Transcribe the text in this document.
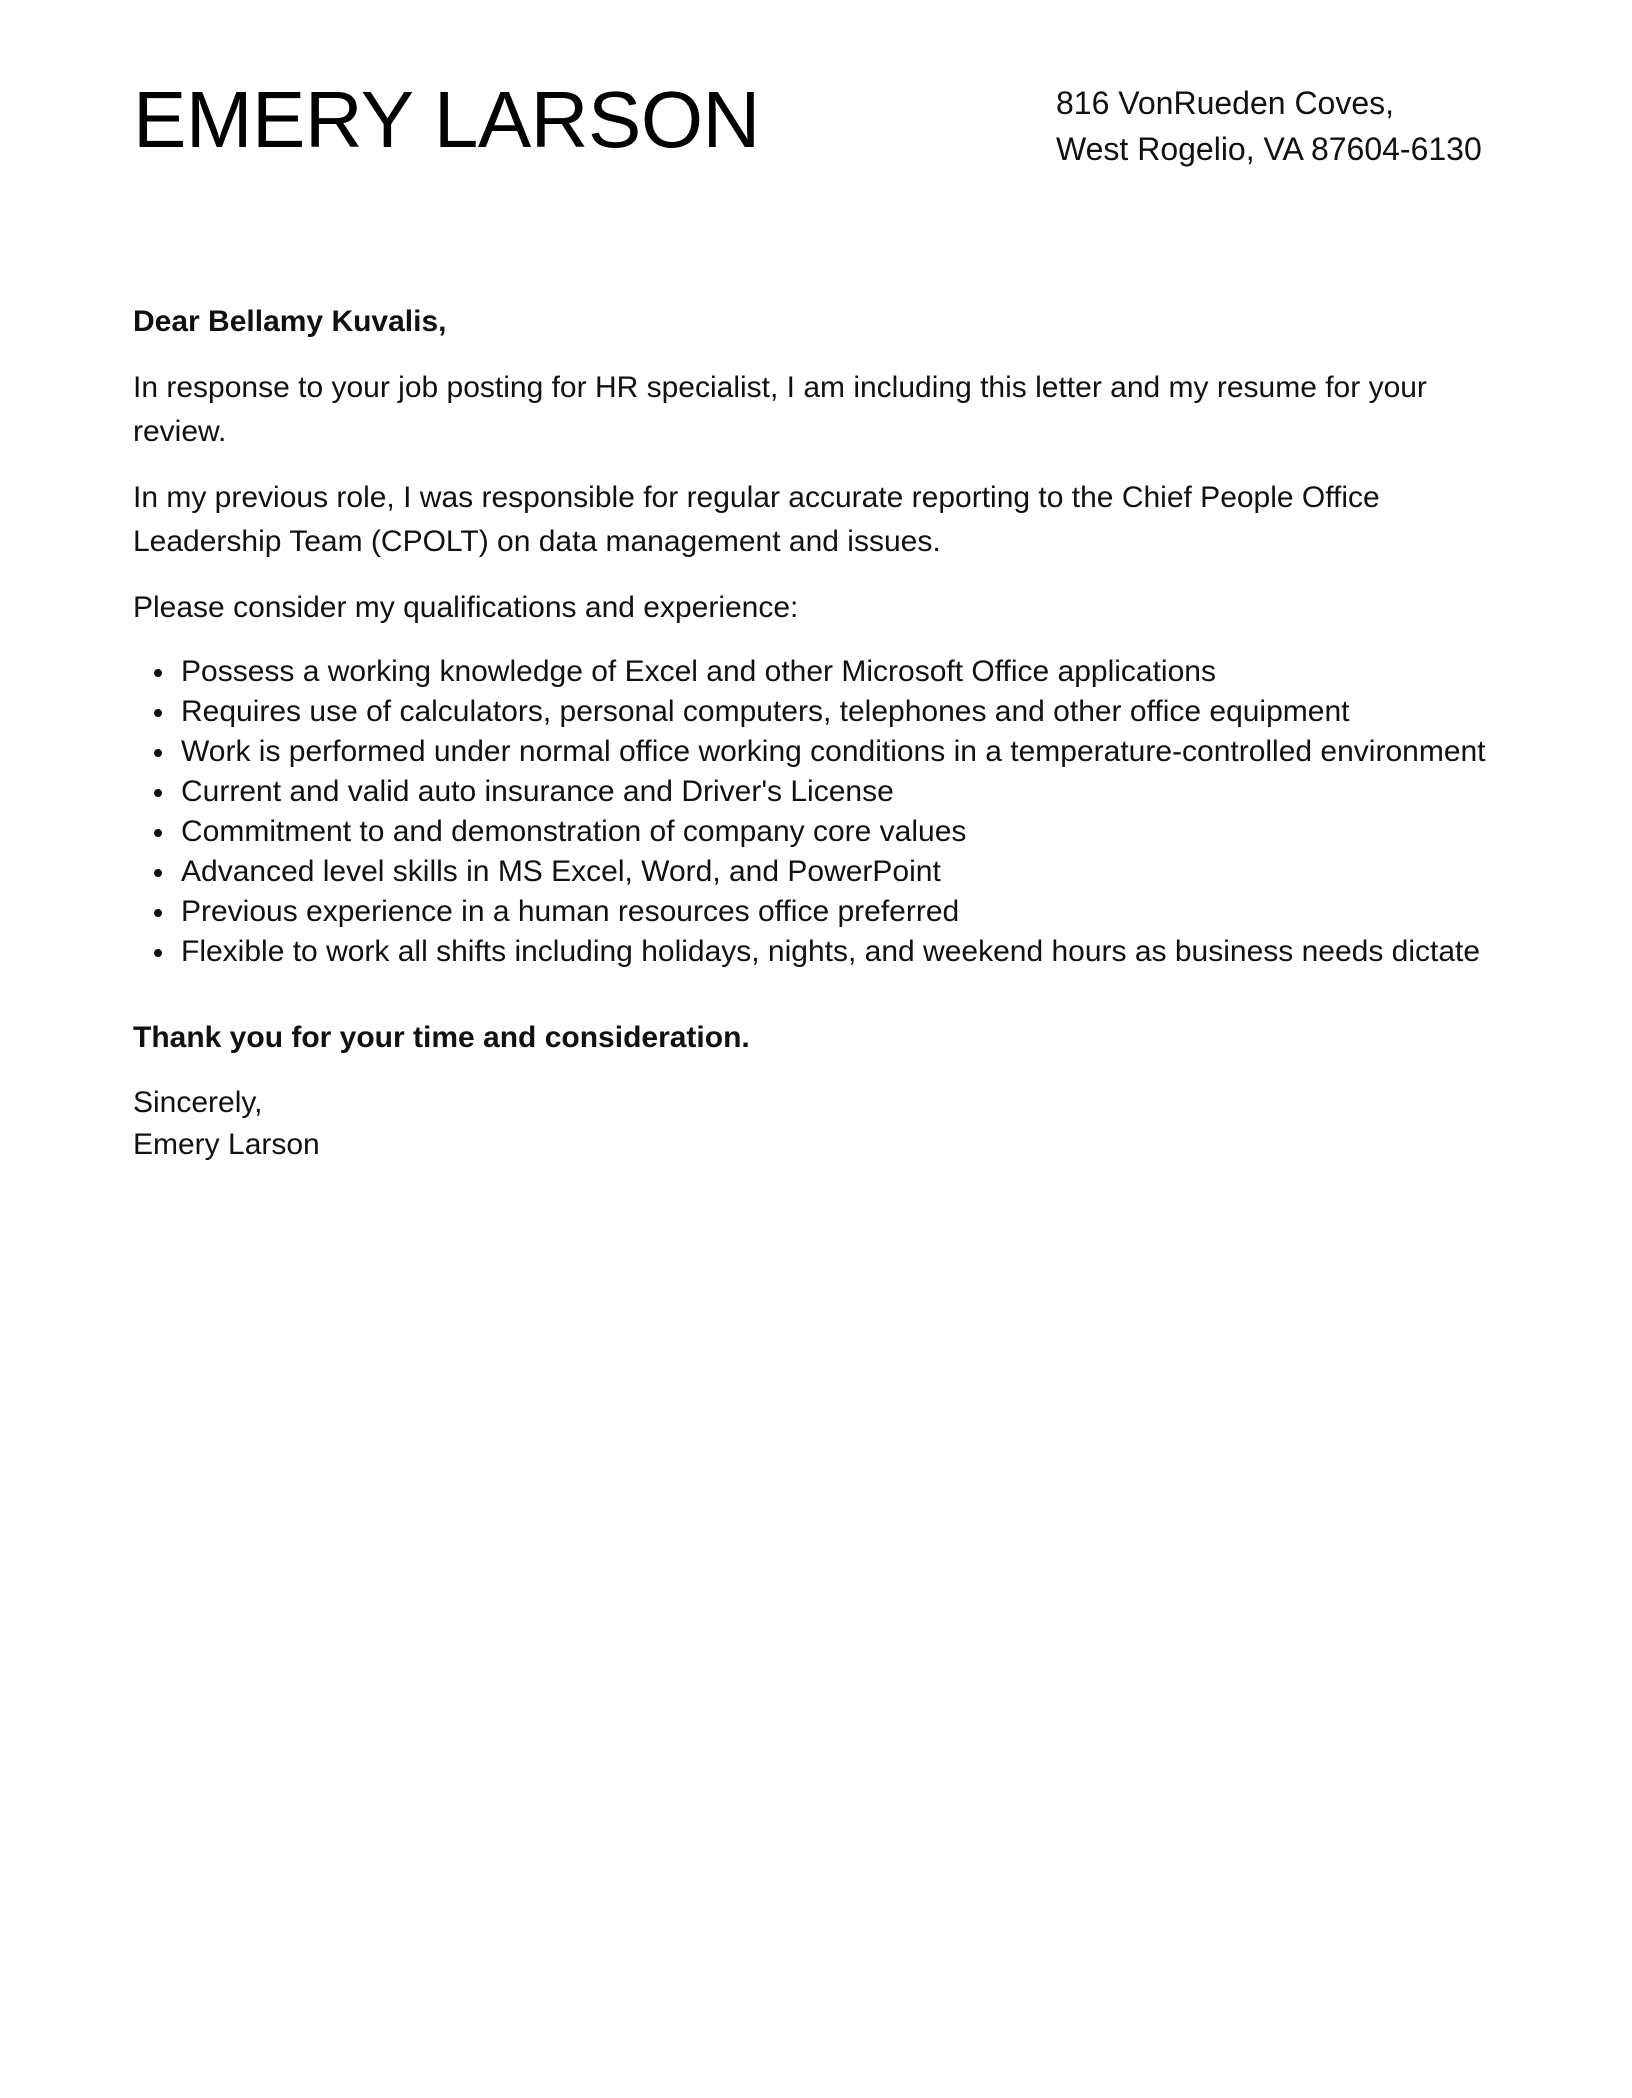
EMERY LARSON	816 VonRueden Coves,
West Rogelio, VA 87604-6130

Dear Bellamy Kuvalis,

In response to your job posting for HR specialist, I am including this letter and my resume for your review.

In my previous role, I was responsible for regular accurate reporting to the Chief People Office Leadership Team (CPOLT) on data management and issues.

Please consider my qualifications and experience:

Possess a working knowledge of Excel and other Microsoft Office applications
Requires use of calculators, personal computers, telephones and other office equipment
Work is performed under normal office working conditions in a temperature-controlled environment
Current and valid auto insurance and Driver's License
Commitment to and demonstration of company core values
Advanced level skills in MS Excel, Word, and PowerPoint
Previous experience in a human resources office preferred
Flexible to work all shifts including holidays, nights, and weekend hours as business needs dictate

Thank you for your time and consideration.

Sincerely,
Emery Larson
